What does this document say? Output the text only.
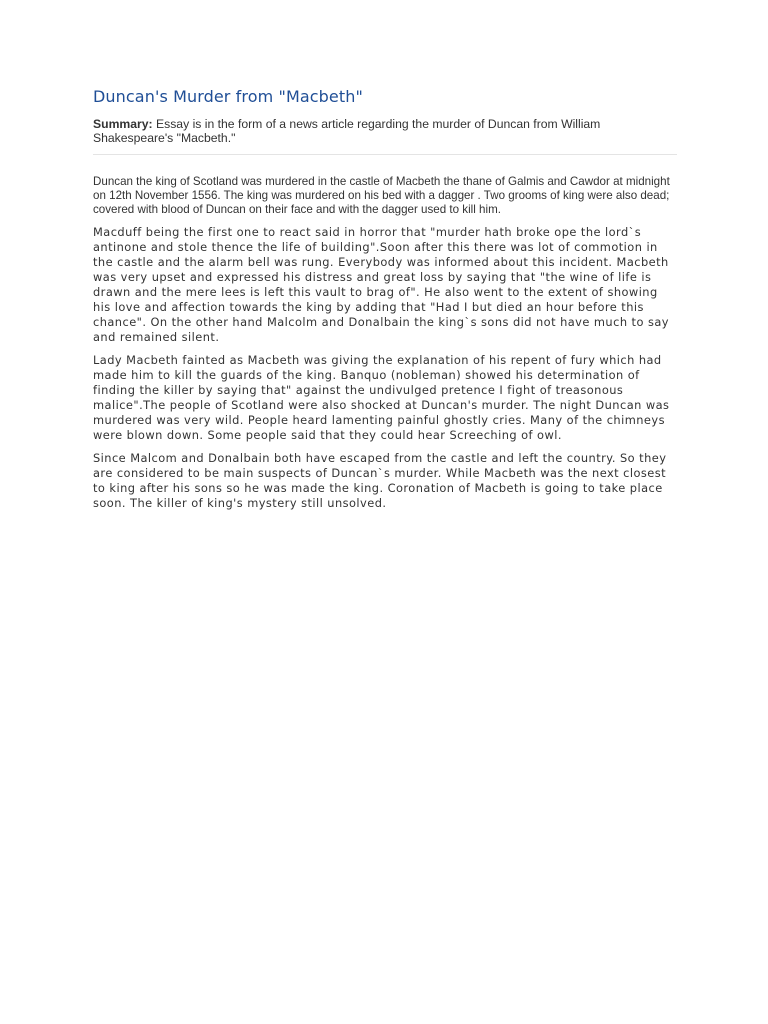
Duncan's Murder from "Macbeth"

Summary: Essay is in the form of a news article regarding the murder of Duncan from William Shakespeare's "Macbeth."

Duncan the king of Scotland was murdered in the castle of Macbeth the thane of Galmis and Cawdor at midnight on 12th November 1556. The king was murdered on his bed with a dagger . Two grooms of king were also dead; covered with blood of Duncan on their face and with the dagger used to kill him.

Macduff being the first one to react said in horror that "murder hath broke ope the lord`s antinone and stole thence the life of building".Soon after this there was lot of commotion in the castle and the alarm bell was rung. Everybody was informed about this incident. Macbeth was very upset and expressed his distress and great loss by saying that "the wine of life is drawn and the mere lees is left this vault to brag of". He also went to the extent of showing his love and affection towards the king by adding that "Had I but died an hour before this chance". On the other hand Malcolm and Donalbain the king`s sons did not have much to say and remained silent.

Lady Macbeth fainted as Macbeth was giving the explanation of his repent of fury which had made him to kill the guards of the king. Banquo (nobleman) showed his determination of finding the killer by saying that" against the undivulged pretence I fight of treasonous malice".The people of Scotland were also shocked at Duncan's murder. The night Duncan was murdered was very wild. People heard lamenting painful ghostly cries. Many of the chimneys were blown down. Some people said that they could hear Screeching of owl.

Since Malcom and Donalbain both have escaped from the castle and left the country. So they are considered to be main suspects of Duncan`s murder. While Macbeth was the next closest to king after his sons so he was made the king. Coronation of Macbeth is going to take place soon. The killer of king's mystery still unsolved.
